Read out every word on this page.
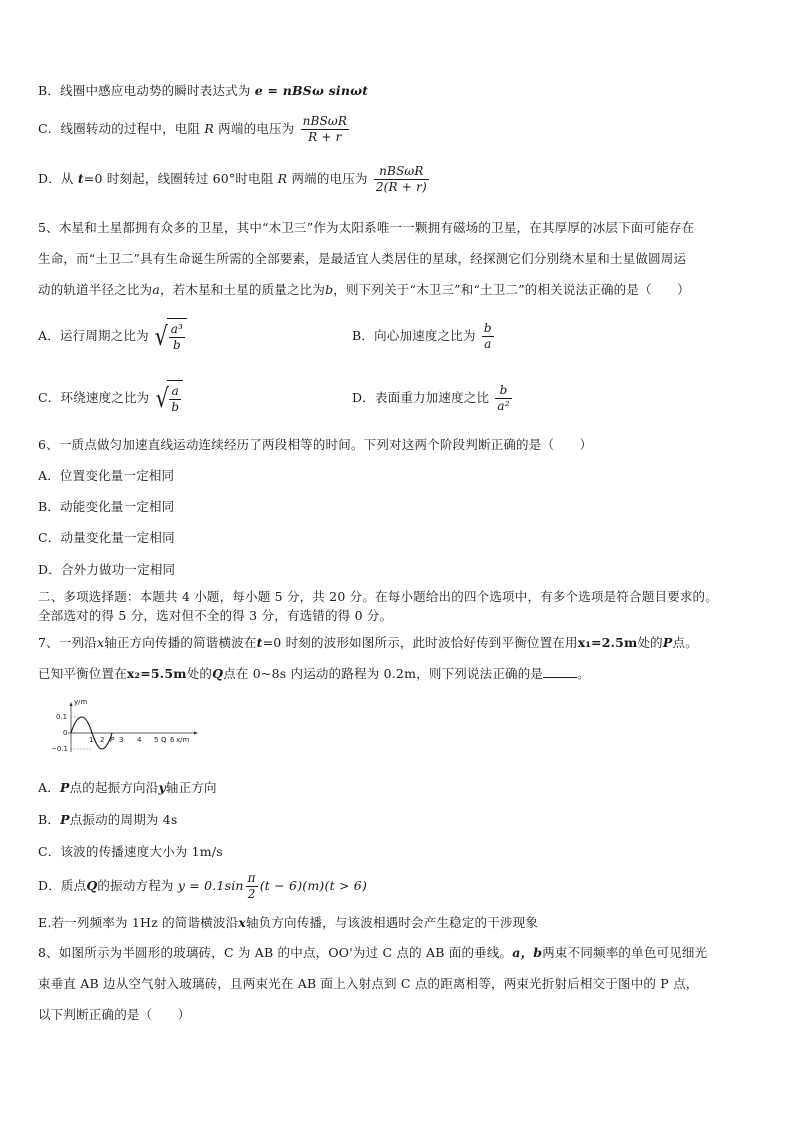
B．线圈中感应电动势的瞬时表达式为 e = nBSω sinωt
C．线圈转动的过程中，电阻 R 两端的电压为 $\frac{\text{nBSωR}}{R + r}$
D．从 t=0 时刻起，线圈转过 60°时电阻 R 两端的电压为 $\frac{\text{nBSωR}}{2(R + r)}$
5、木星和土星都拥有众多的卫星，其中“木卫三”作为太阳系唯一一颗拥有磁场的卫星，在其厚厚的冰层下面可能存在
生命，而“土卫二”具有生命诞生所需的全部要素，是最适宜人类居住的星球，经探测它们分别绕木星和土星做圆周运
动的轨道半径之比为a，若木星和土星的质量之比为b，则下列关于“木卫三”和“土卫二”的相关说法正确的是（　　）
A．运行周期之比为 √ $\frac{\text{a³}}{b}$	B．向心加速度之比为 $\frac{b}{a}$
C．环绕速度之比为 √ $\frac{a}{b}$	D．表面重力加速度之比 $\frac{b}{\text{a²}}$
6、一质点做匀加速直线运动连续经历了两段相等的时间。下列对这两个阶段判断正确的是（　　）
A．位置变化量一定相同
B．动能变化量一定相同
C．动量变化量一定相同
D．合外力做功一定相同
二、多项选择题：本题共 4 小题，每小题 5 分，共 20 分。在每小题给出的四个选项中，有多个选项是符合题目要求的。
全部选对的得 5 分，选对但不全的得 3 分，有选错的得 0 分。
7、一列沿x轴正方向传播的简谐横波在t=0 时刻的波形如图所示，此时波恰好传到平衡位置在用x₁=2.5m处的P点。
已知平衡位置在x₂=5.5m处的Q点在 0~8s 内运动的路程为 0.2m，则下列说法正确的是	。
y/m
0.1
0
−0.1
1 2 P 3 4 5 Q 6 x/m
A．P点的起振方向沿y轴正方向
B．P点振动的周期为 4s
C．该波的传播速度大小为 1m/s
D．质点Q的振动方程为 $y = 0.1\sin \frac{\pi}{2} (t - 6)(m)(t > 6)$
E.若一列频率为 1Hz 的简谐横波沿x轴负方向传播，与该波相遇时会产生稳定的干涉现象
8、如图所示为半圆形的玻璃砖，C 为 AB 的中点，OO'为过 C 点的 AB 面的垂线。a，b两束不同频率的单色可见细光
束垂直 AB 边从空气射入玻璃砖，且两束光在 AB 面上入射点到 C 点的距离相等，两束光折射后相交于图中的 P 点，
以下判断正确的是（　　）
